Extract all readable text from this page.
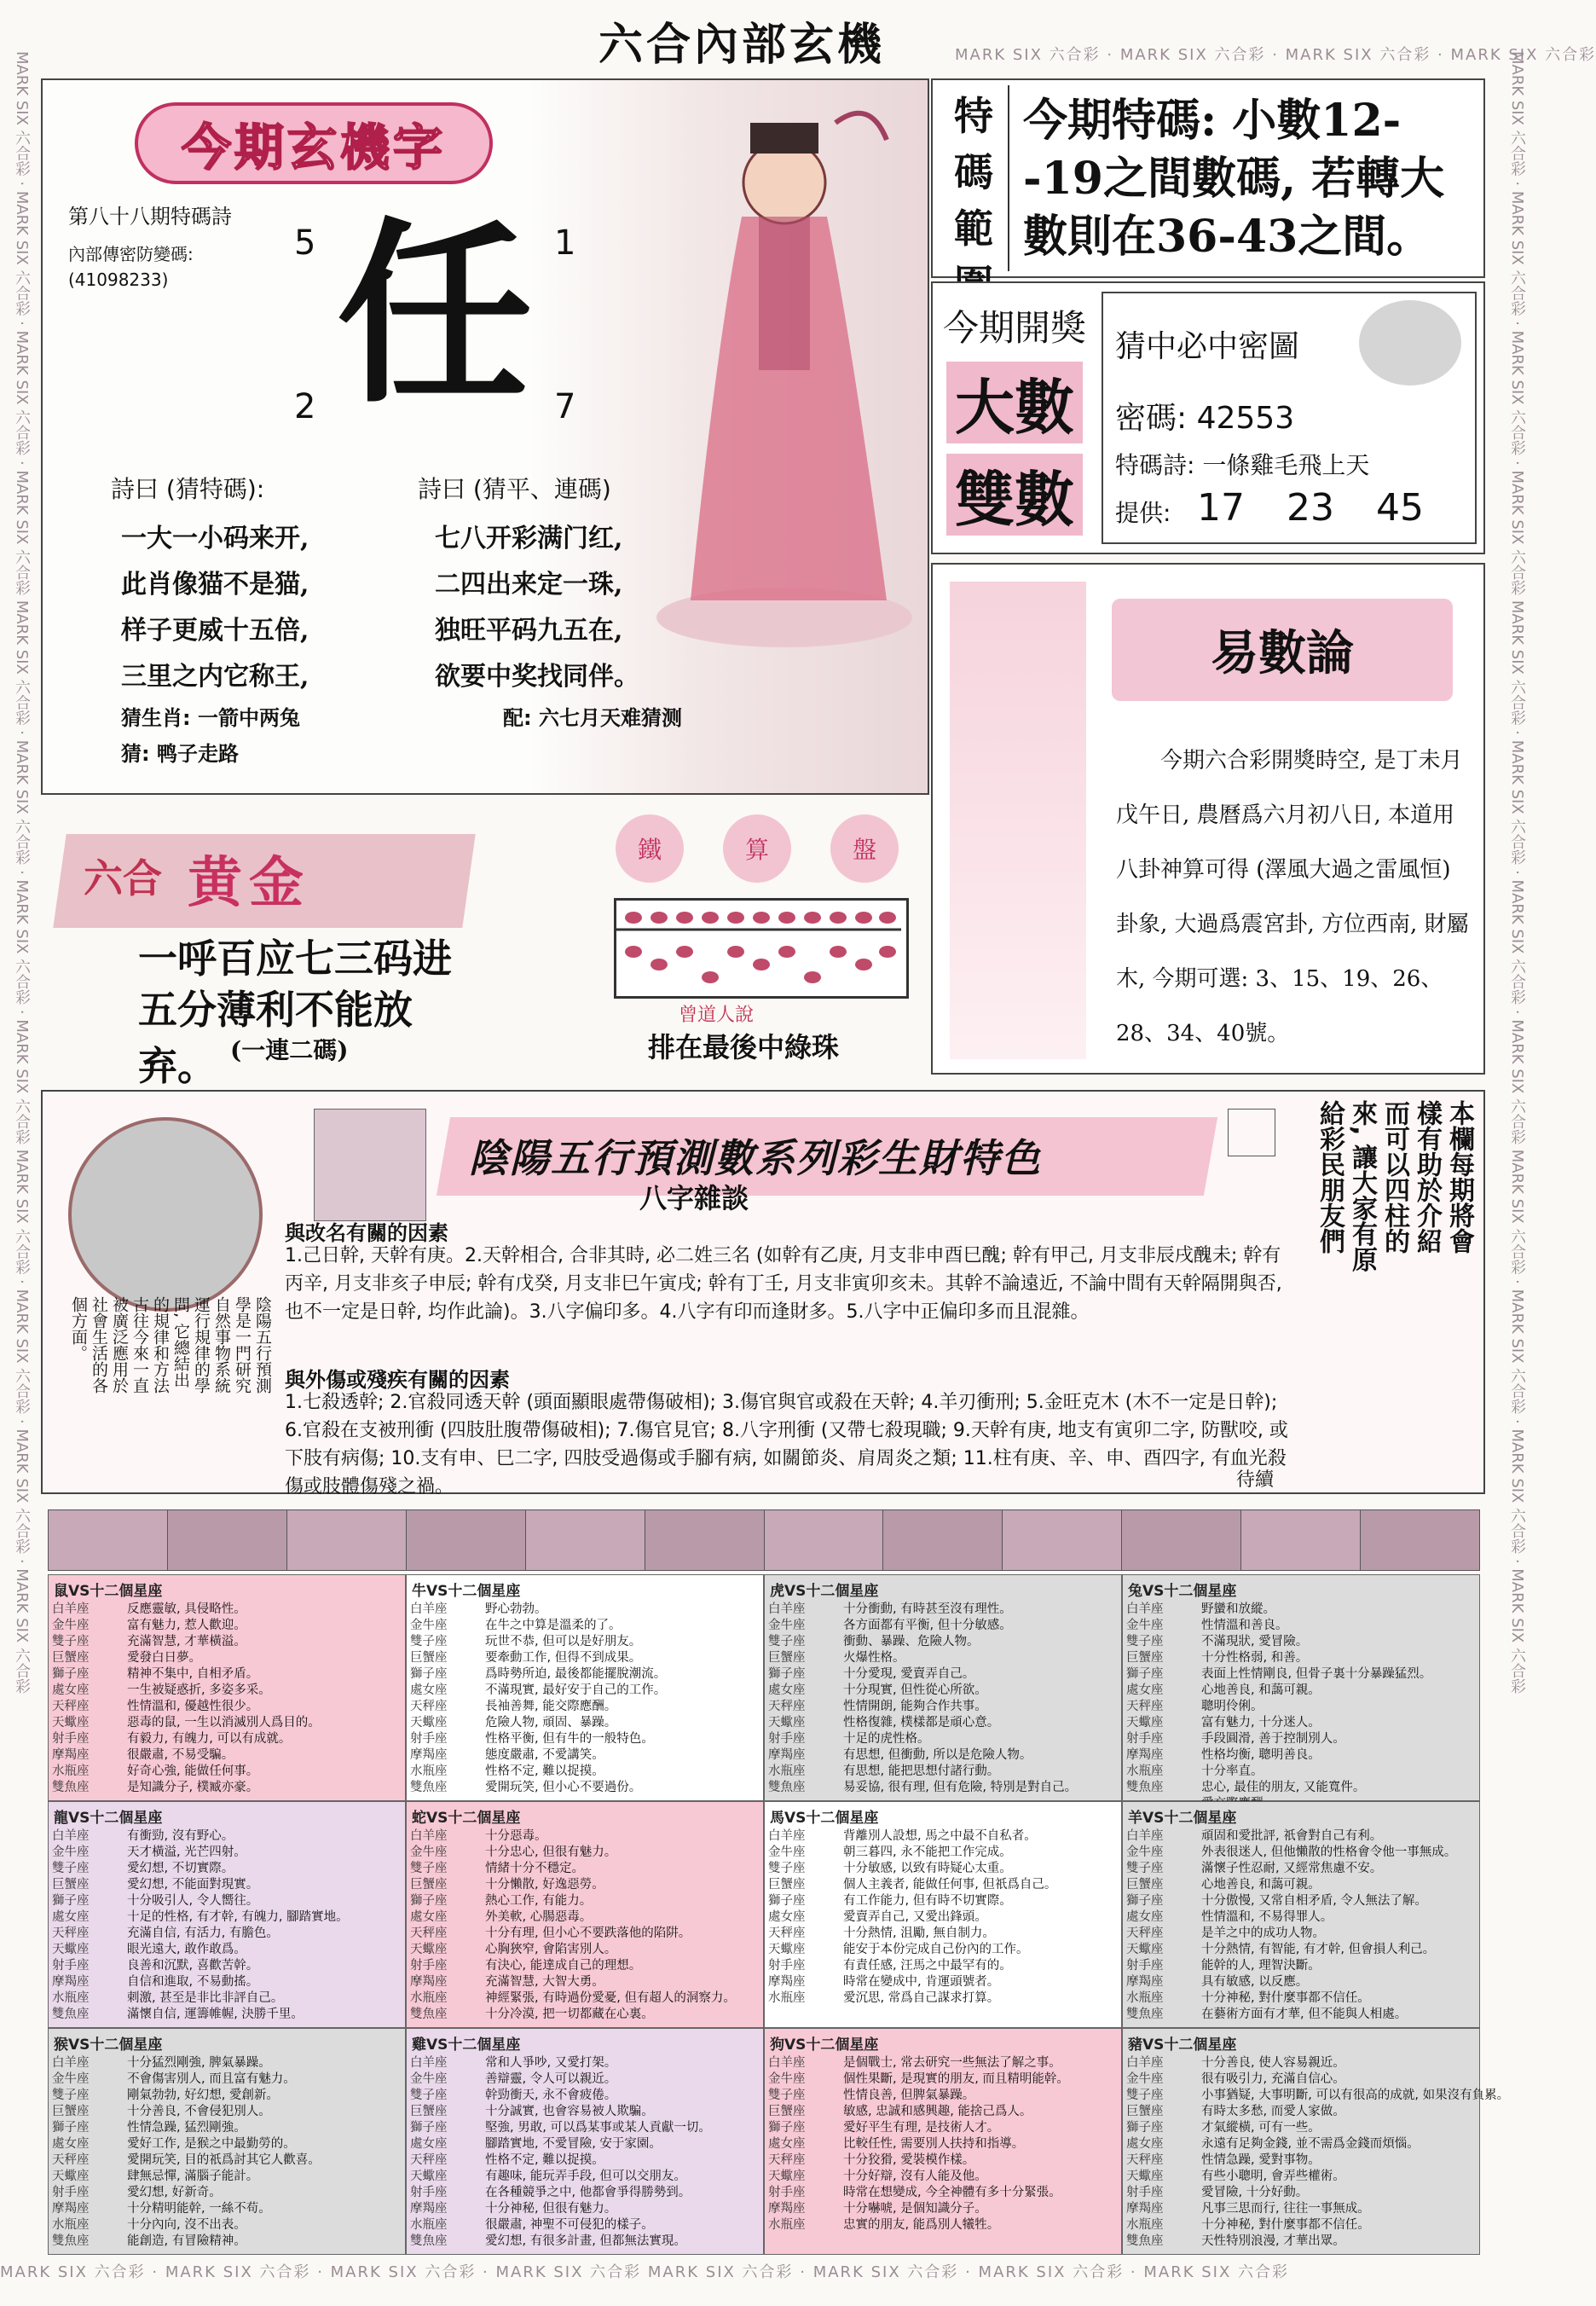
MARK SIX 六合彩 · MARK SIX 六合彩 · MARK SIX 六合彩 · MARK SIX 六合彩
MARK SIX 六合彩 · MARK SIX 六合彩 · MARK SIX 六合彩 · MARK SIX 六合彩 MARK SIX 六合彩 · MARK SIX 六合彩 · MARK SIX 六合彩 · MARK SIX 六合彩
MARK SIX 六合彩 · MARK SIX 六合彩 · MARK SIX 六合彩 · MARK SIX 六合彩 MARK SIX 六合彩 · MARK SIX 六合彩 · MARK SIX 六合彩 · MARK SIX 六合彩 MARK SIX 六合彩 · MARK SIX 六合彩 · MARK SIX 六合彩 · MARK SIX 六合彩
MARK SIX 六合彩 · MARK SIX 六合彩 · MARK SIX 六合彩 · MARK SIX 六合彩 MARK SIX 六合彩 · MARK SIX 六合彩 · MARK SIX 六合彩 · MARK SIX 六合彩 MARK SIX 六合彩 · MARK SIX 六合彩 · MARK SIX 六合彩 · MARK SIX 六合彩
六合內部玄機
今期玄機字
第八十八期特碼詩
內部傳密防變碼:
(41098233)
5	1
2	7
任
詩曰 (猜特碼):	詩曰 (猜平、連碼)
一大一小码来开,
此肖像猫不是猫,
样子更威十五倍,
三里之内它称王,
七八开彩满门红,
二四出来定一珠,
独旺平码九五在,
欲要中奖找同伴。
猜生肖: 一箭中两兔	配: 六七月天难猜测
猜: 鸭子走路
特
碼
範
今期特碼: 小數12--19之間數碼, 若轉大數則在36-43之間。
今期開獎
大數
雙數
猜中必中密圖
密碼: 42553
特碼詩: 一條雞毛飛上天
提供: 17 23 45
易數論
今期六合彩開獎時空, 是丁未月戊午日, 農曆爲六月初八日, 本道用八卦神算可得 (澤風大過之雷風恒) 卦象, 大過爲震宮卦, 方位西南, 財屬木, 今期可選: 3、15、19、26、28、34、40號。
六合 黄金
一呼百应七三码进
五分薄利不能放弃。 (一連二碼)
鐵	算	盤
曾道人說
排在最後中綠珠
陰陽五行預測數系列彩生財特色
八字雜談
與改名有關的因素
1.己日幹, 天幹有庚。2.天幹相合, 合非其時, 必二姓三名 (如幹有乙庚, 月支非申酉巳醜; 幹有甲己, 月支非辰戌醜未; 幹有丙辛, 月支非亥子申辰; 幹有戊癸, 月支非巳午寅戌; 幹有丁壬, 月支非寅卯亥未。其幹不論遠近, 不論中間有天幹隔開與否, 也不一定是日幹, 均作此論)。3.八字偏印多。4.八字有印而逢財多。5.八字中正偏印多而且混雜。
與外傷或殘疾有關的因素
1.七殺透幹; 2.官殺同透天幹 (頭面顯眼處帶傷破相); 3.傷官與官或殺在天幹; 4.羊刃衝刑; 5.金旺克木 (木不一定是日幹); 6.官殺在支被刑衝 (四肢肚腹帶傷破相); 7.傷官見官; 8.八字刑衝 (又帶七殺現職; 9.天幹有庚, 地支有寅卯二字, 防獸咬, 或下肢有病傷; 10.支有申、巳二字, 四肢受過傷或手腳有病, 如關節炎、肩周炎之類; 11.柱有庚、辛、申、酉四字, 有血光殺傷或肢體傷殘之禍。	待續
陰陽五行預測
學是一門研究
自然事物系統
運行規律的學
問, 它總結出
的規律和方法
古往今來一直
被廣泛應用於
社會生活的各
個方面。
本欄每期將會
樣有助於介紹
而可以四柱的
來, 讓大家有原
給彩民朋友們
鼠VS十二個星座
白羊座	反應靈敏, 具侵略性。
金牛座	富有魅力, 惹人歡迎。
雙子座	充滿智慧, 才華橫溢。
巨蟹座	愛發白日夢。
獅子座	精神不集中, 自相矛盾。
處女座	一生被疑惑折, 多姿多采。
天秤座	性情溫和, 優越性很少。
天蠍座	惡毒的鼠, 一生以消滅別人爲目的。
射手座	有毅力, 有魄力, 可以有成就。
摩羯座	很嚴肅, 不易受騙。
水瓶座	好奇心強, 能做任何事。
雙魚座	是知識分子, 樸臧亦豪。
牛VS十二個星座
白羊座	野心勃勃。
金牛座	在牛之中算是溫柔的了。
雙子座	玩世不恭, 但可以是好朋友。
巨蟹座	要牽動工作, 但得不到成果。
獅子座	爲時勢所迫, 最後都能擺脫潮流。
處女座	不滿現實, 最好安于自己的工作。
天秤座	長袖善舞, 能交際應酬。
天蠍座	危險人物, 頑固、暴躁。
射手座	性格平衡, 但有牛的一般特色。
摩羯座	態度嚴肅, 不愛講笑。
水瓶座	性格不定, 難以捉摸。
雙魚座	愛開玩笑, 但小心不要過份。
虎VS十二個星座
白羊座	十分衝動, 有時甚至沒有理性。
金牛座	各方面都有平衡, 但十分敏感。
雙子座	衝動、暴躁、危險人物。
巨蟹座	火爆性格。
獅子座	十分愛現, 愛賣弄自己。
處女座	十分現實, 但性從心所欲。
天秤座	性情開朗, 能夠合作共事。
天蠍座	性格復雜, 樸樣都是頑心意。
射手座	十足的虎性格。
摩羯座	有思想, 但衝動, 所以是危險人物。
水瓶座	有思想, 能把思想付諸行動。
雙魚座	易妥協, 很有理, 但有危險, 特別是對自己。
兔VS十二個星座
白羊座	野蠻和放縱。
金牛座	性情溫和善良。
雙子座	不滿現狀, 愛冒險。
巨蟹座	十分性格弱, 和善。
獅子座	表面上性情剛良, 但骨子裏十分暴躁猛烈。
處女座	心地善良, 和藹可親。
天秤座	聰明伶俐。
天蠍座	富有魅力, 十分迷人。
射手座	手段圓滑, 善于控制別人。
摩羯座	性格均衡, 聰明善良。
水瓶座	十分率直。
雙魚座	忠心, 最佳的朋友, 又能寬件。
龍VS十二個星座
白羊座	有衝勁, 沒有野心。
金牛座	天才橫溢, 光芒四射。
雙子座	愛幻想, 不切實際。
巨蟹座	愛幻想, 不能面對現實。
獅子座	十分吸引人, 令人嚮往。
處女座	十足的性格, 有才幹, 有魄力, 腳踏實地。
天秤座	充滿自信, 有活力, 有膽色。
天蠍座	眼光遠大, 敢作敢爲。
射手座	良善和沉默, 喜歡苦幹。
摩羯座	自信和進取, 不易動搖。
水瓶座	刺激, 甚至是非比非評自己。
雙魚座	滿懷自信, 運籌帷幄, 決勝千里。
蛇VS十二個星座
白羊座	十分惡毒。
金牛座	十分忠心, 但很有魅力。
雙子座	情緒十分不穩定。
巨蟹座	十分懶散, 好逸惡勞。
獅子座	熱心工作, 有能力。
處女座	外美軟, 心腸惡毒。
天秤座	十分有理, 但小心不要跌落他的陷阱。
天蠍座	心胸狹窄, 會陷害別人。
射手座	有決心, 能達成自己的理想。
摩羯座	充滿智慧, 大智大勇。
水瓶座	神經緊張, 有時過份愛憂, 但有超人的洞察力。
雙魚座	十分冷漠, 把一切都藏在心裏。
馬VS十二個星座
白羊座	背離別人設想, 馬之中最不自私者。
金牛座	朝三暮四, 永不能把工作完成。
雙子座	十分敏感, 以致有時疑心太重。
巨蟹座	個人主義者, 能做任何事, 但祇爲自己。
獅子座	有工作能力, 但有時不切實際。
處女座	愛賣弄自己, 又愛出鋒頭。
天秤座	十分熱情, 沮勵, 無自制力。
天蠍座	能安于本份完成自己份內的工作。
射手座	有責任感, 汪馬之中最罕有的。
摩羯座	時常在變成中, 肯運頭號者。
水瓶座	愛沉思, 常爲自己謀求打算。
羊VS十二個星座
白羊座	頑固和愛批評, 祇會對自己有利。
金牛座	外表很迷人, 但他懶散的性格會令他一事無成。
雙子座	滿懷子性忍耐, 又經常焦慮不安。
巨蟹座	心地善良, 和藹可親。
獅子座	十分傲慢, 又常自相矛盾, 令人無法了解。
處女座	性情溫和, 不易得罪人。
天秤座	是羊之中的成功人物。
天蠍座	十分熱情, 有智能, 有才幹, 但會損人利己。
射手座	能幹的人, 理智決斷。
摩羯座	具有敏感, 以反應。
水瓶座	十分神秘, 對什麼事都不信任。
雙魚座	在藝術方面有才華, 但不能與人相處。
猴VS十二個星座
白羊座	十分猛烈剛強, 脾氣暴躁。
金牛座	不會傷害別人, 而且富有魅力。
雙子座	剛氣勃勃, 好幻想, 愛創新。
巨蟹座	十分善良, 不會侵犯別人。
獅子座	性情急躁, 猛烈剛強。
處女座	愛好工作, 是猴之中最勤勞的。
天秤座	愛開玩笑, 目的祇爲討其它人歡喜。
天蠍座	肆無忌憚, 滿腦子能計。
射手座	愛幻想, 好新奇。
摩羯座	十分精明能幹, 一絲不苟。
水瓶座	十分內向, 沒不出表。
雙魚座	能創造, 有冒險精神。
雞VS十二個星座
白羊座	常和人爭吵, 又愛打架。
金牛座	善辯靈, 令人可以親近。
雙子座	幹勁衝天, 永不會疲倦。
巨蟹座	十分誠實, 也會容易被人欺騙。
獅子座	堅強, 男敢, 可以爲某事或某人貢獻一切。
處女座	腳踏實地, 不愛冒險, 安于家園。
天秤座	性格不定, 難以捉摸。
天蠍座	有趣味, 能玩弄手段, 但可以交朋友。
射手座	在各種競爭之中, 他都會爭得勝勢到。
摩羯座	十分神秘, 但很有魅力。
水瓶座	很嚴肅, 神聖不可侵犯的樣子。
雙魚座	愛幻想, 有很多計畫, 但都無法實現。
狗VS十二個星座
白羊座	是個戰士, 常去研究一些無法了解之事。
金牛座	個性果斷, 是現實的朋友, 而且精明能幹。
雙子座	性情良善, 但脾氣暴躁。
巨蟹座	敏感, 忠誠和感興趣, 能捨己爲人。
獅子座	愛好平生有理, 是技術人才。
處女座	比較任性, 需要別人扶持和指導。
天秤座	十分狡猾, 愛裝模作樣。
天蠍座	十分好辯, 沒有人能及他。
射手座	時常在想變成, 今全神體有多十分緊張。
摩羯座	十分嚇唬, 是個知識分子。
水瓶座	忠實的朋友, 能爲別人犧牲。
豬VS十二個星座
白羊座	十分善良, 使人容易親近。
金牛座	很有吸引力, 充滿自信心。
雙子座	小事猶疑, 大事明斷, 可以有很高的成就, 如果沒有負累。
巨蟹座	有時太多愁, 而愛人家做。
獅子座	才氣縱橫, 可有一些。
處女座	永遠有足夠金錢, 並不需爲金錢而煩惱。
天秤座	性情急躁, 愛對事物。
天蠍座	有些小聰明, 會弄些權術。
射手座	愛冒險, 十分好動。
摩羯座	凡事三思而行, 往往一事無成。
水瓶座	十分神秘, 對什麼事都不信任。
雙魚座	天性特別浪漫, 才華出眾。
